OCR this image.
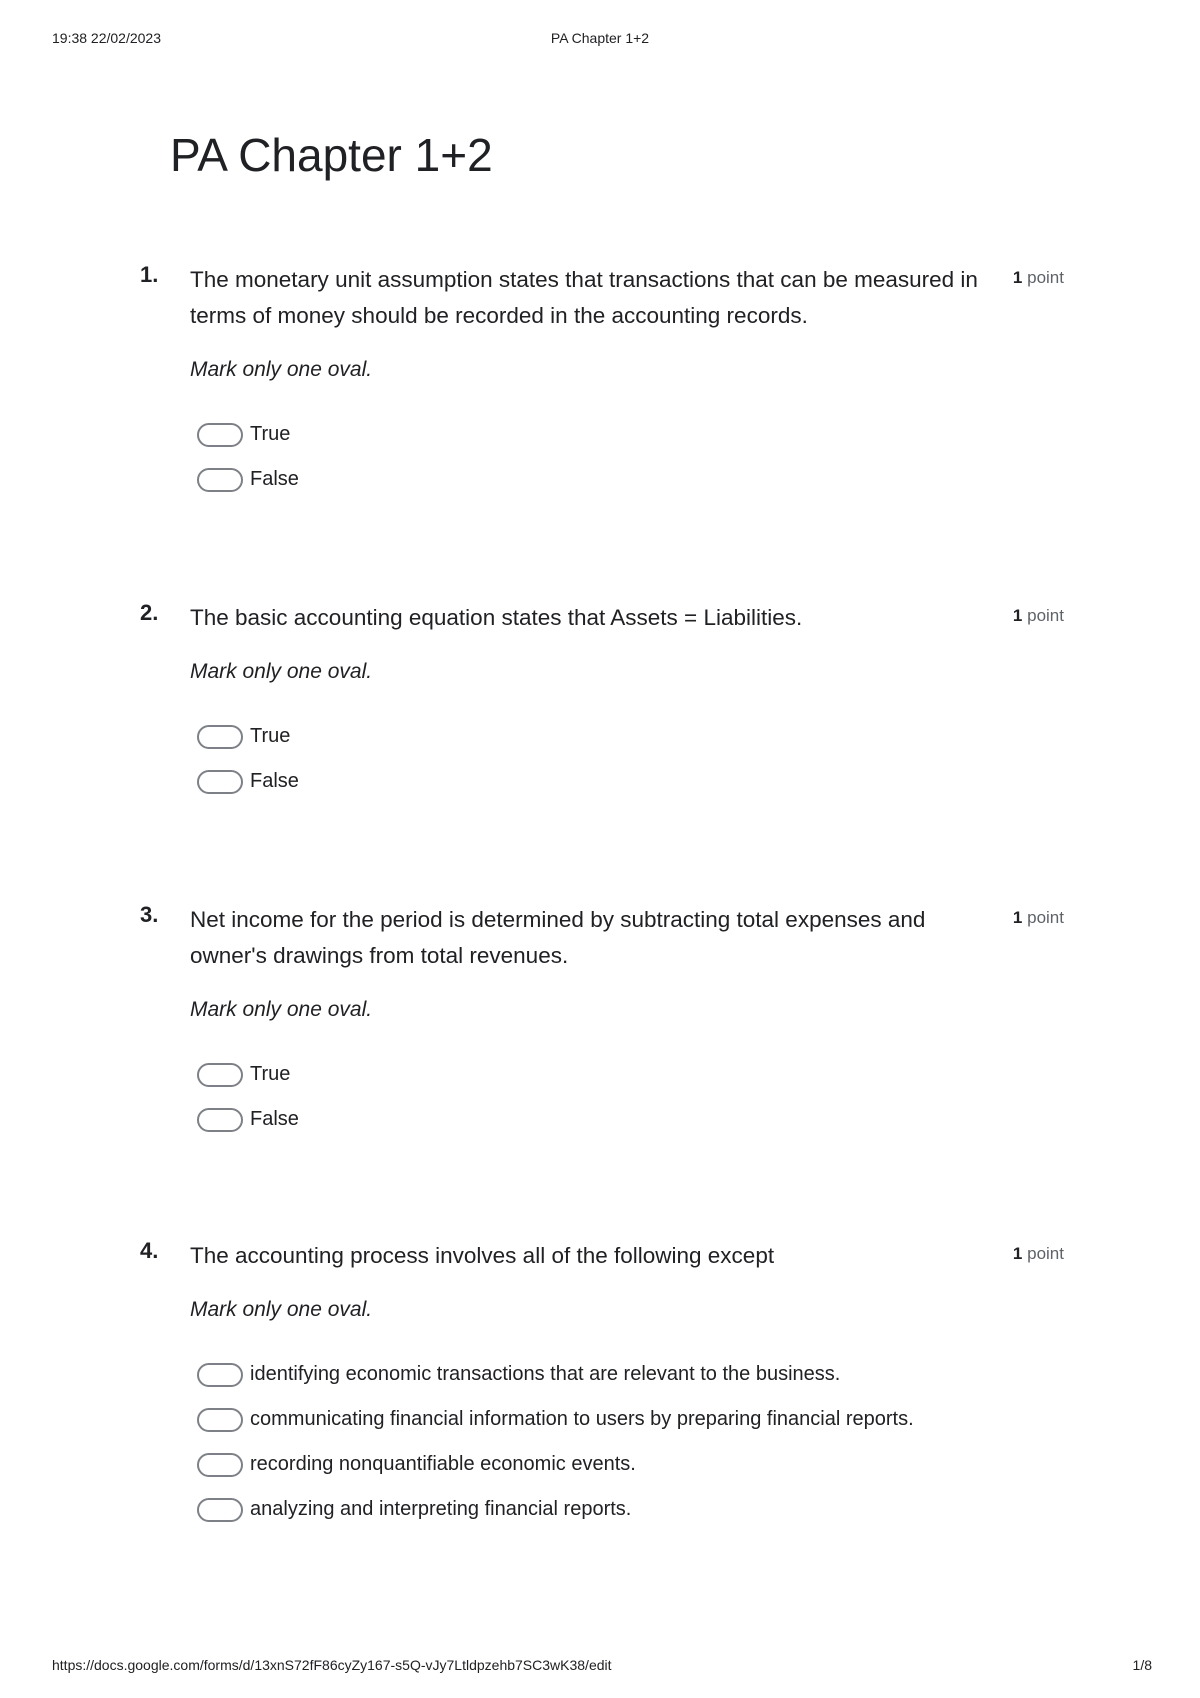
19:38 22/02/2023	PA Chapter 1+2
PA Chapter 1+2
1. The monetary unit assumption states that transactions that can be measured in terms of money should be recorded in the accounting records.
1 point
Mark only one oval.
True
False
2. The basic accounting equation states that Assets = Liabilities.	1 point
Mark only one oval.
True
False
3. Net income for the period is determined by subtracting total expenses and owner's drawings from total revenues.
1 point
Mark only one oval.
True
False
4. The accounting process involves all of the following except	1 point
Mark only one oval.
identifying economic transactions that are relevant to the business.
communicating financial information to users by preparing financial reports.
recording nonquantifiable economic events.
analyzing and interpreting financial reports.
https://docs.google.com/forms/d/13xnS72fF86cyZy167-s5Q-vJy7Ltldpzehb7SC3wK38/edit	1/8
